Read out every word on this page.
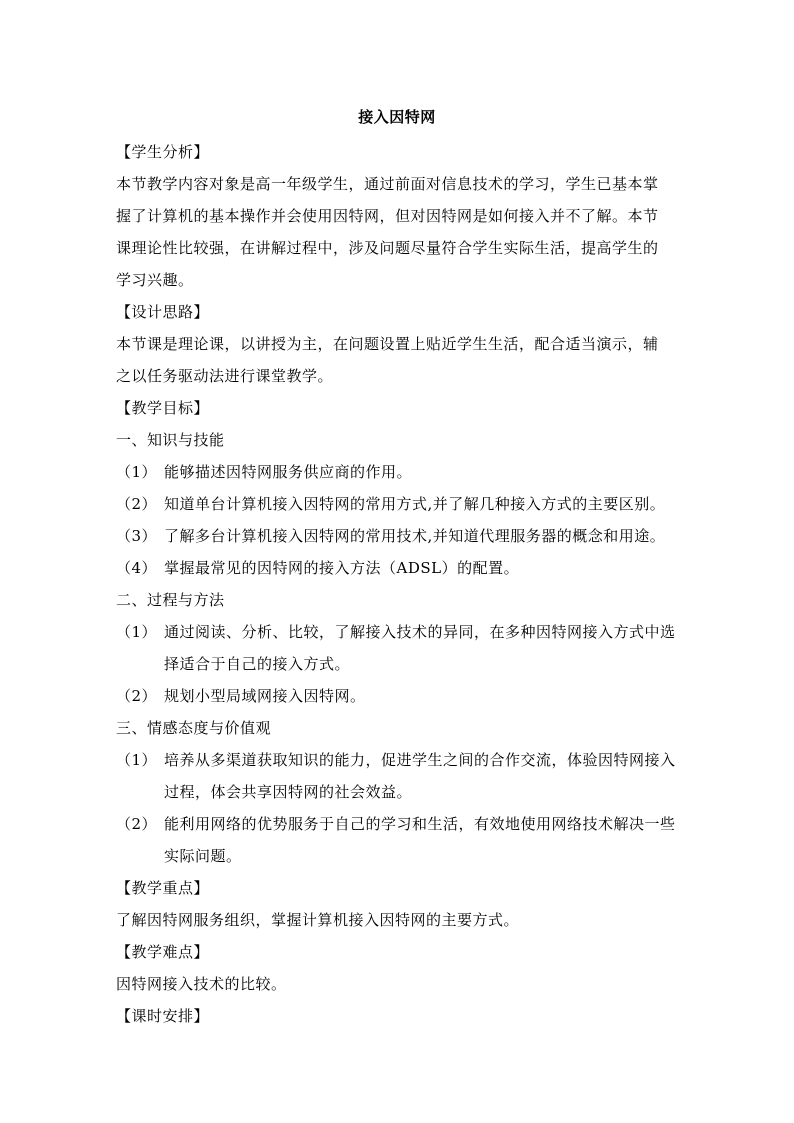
接入因特网

【学生分析】

本节教学内容对象是高一年级学生，通过前面对信息技术的学习，学生已基本掌

握了计算机的基本操作并会使用因特网，但对因特网是如何接入并不了解。本节

课理论性比较强，在讲解过程中，涉及问题尽量符合学生实际生活，提高学生的

学习兴趣。

【设计思路】

本节课是理论课，以讲授为主，在问题设置上贴近学生生活，配合适当演示，辅

之以任务驱动法进行课堂教学。

【教学目标】

一、知识与技能

（1） 能够描述因特网服务供应商的作用。
（2） 知道单台计算机接入因特网的常用方式,并了解几种接入方式的主要区别。
（3） 了解多台计算机接入因特网的常用技术,并知道代理服务器的概念和用途。
（4） 掌握最常见的因特网的接入方法（ADSL）的配置。

二、过程与方法

（1） 通过阅读、分析、比较，了解接入技术的异同，在多种因特网接入方式中选择适合于自己的接入方式。
（2） 规划小型局域网接入因特网。

三、情感态度与价值观

（1） 培养从多渠道获取知识的能力，促进学生之间的合作交流，体验因特网接入过程，体会共享因特网的社会效益。
（2） 能利用网络的优势服务于自己的学习和生活，有效地使用网络技术解决一些实际问题。

【教学重点】

了解因特网服务组织，掌握计算机接入因特网的主要方式。

【教学难点】

因特网接入技术的比较。

【课时安排】
